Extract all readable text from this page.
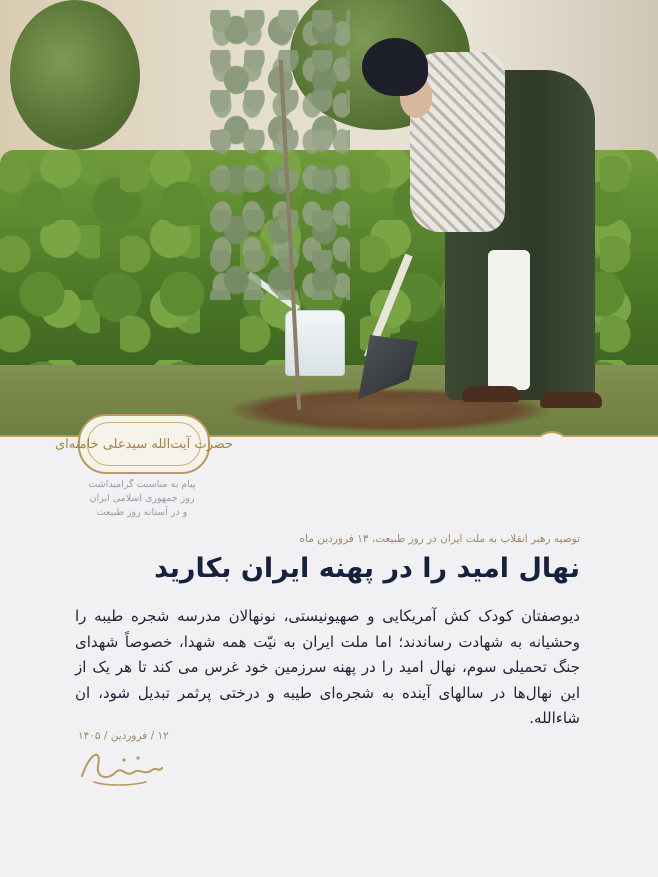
حضرت آیت‌الله سیدعلی خامنه‌ای
پیام به مناسبت گرامیداشت
روز جمهوری اسلامی ایران
و در آستانه روز طبیعت
توصیه رهبر انقلاب به ملت ایران در روز طبیعت، ۱۳ فروردین ماه
نهال امید را در پهنه ایران بکارید
دیوصفتان کودک کش آمریکایی و صهیونیستی، نونهالان مدرسه شجره طیبه را وحشیانه به شهادت رساندند؛ اما ملت ایران به نیّت همه شهدا، خصوصاً شهدای جنگ تحمیلی سوم، نهال امید را در پهنه سرزمین خود غرس می کند تا هر یک از این نهال‌ها در سالهای آینده به شجره‌ای طیبه و درختی پرثمر تبدیل شود، ان شاءالله.
۱۲ / فروردین / ۱۴۰۵
